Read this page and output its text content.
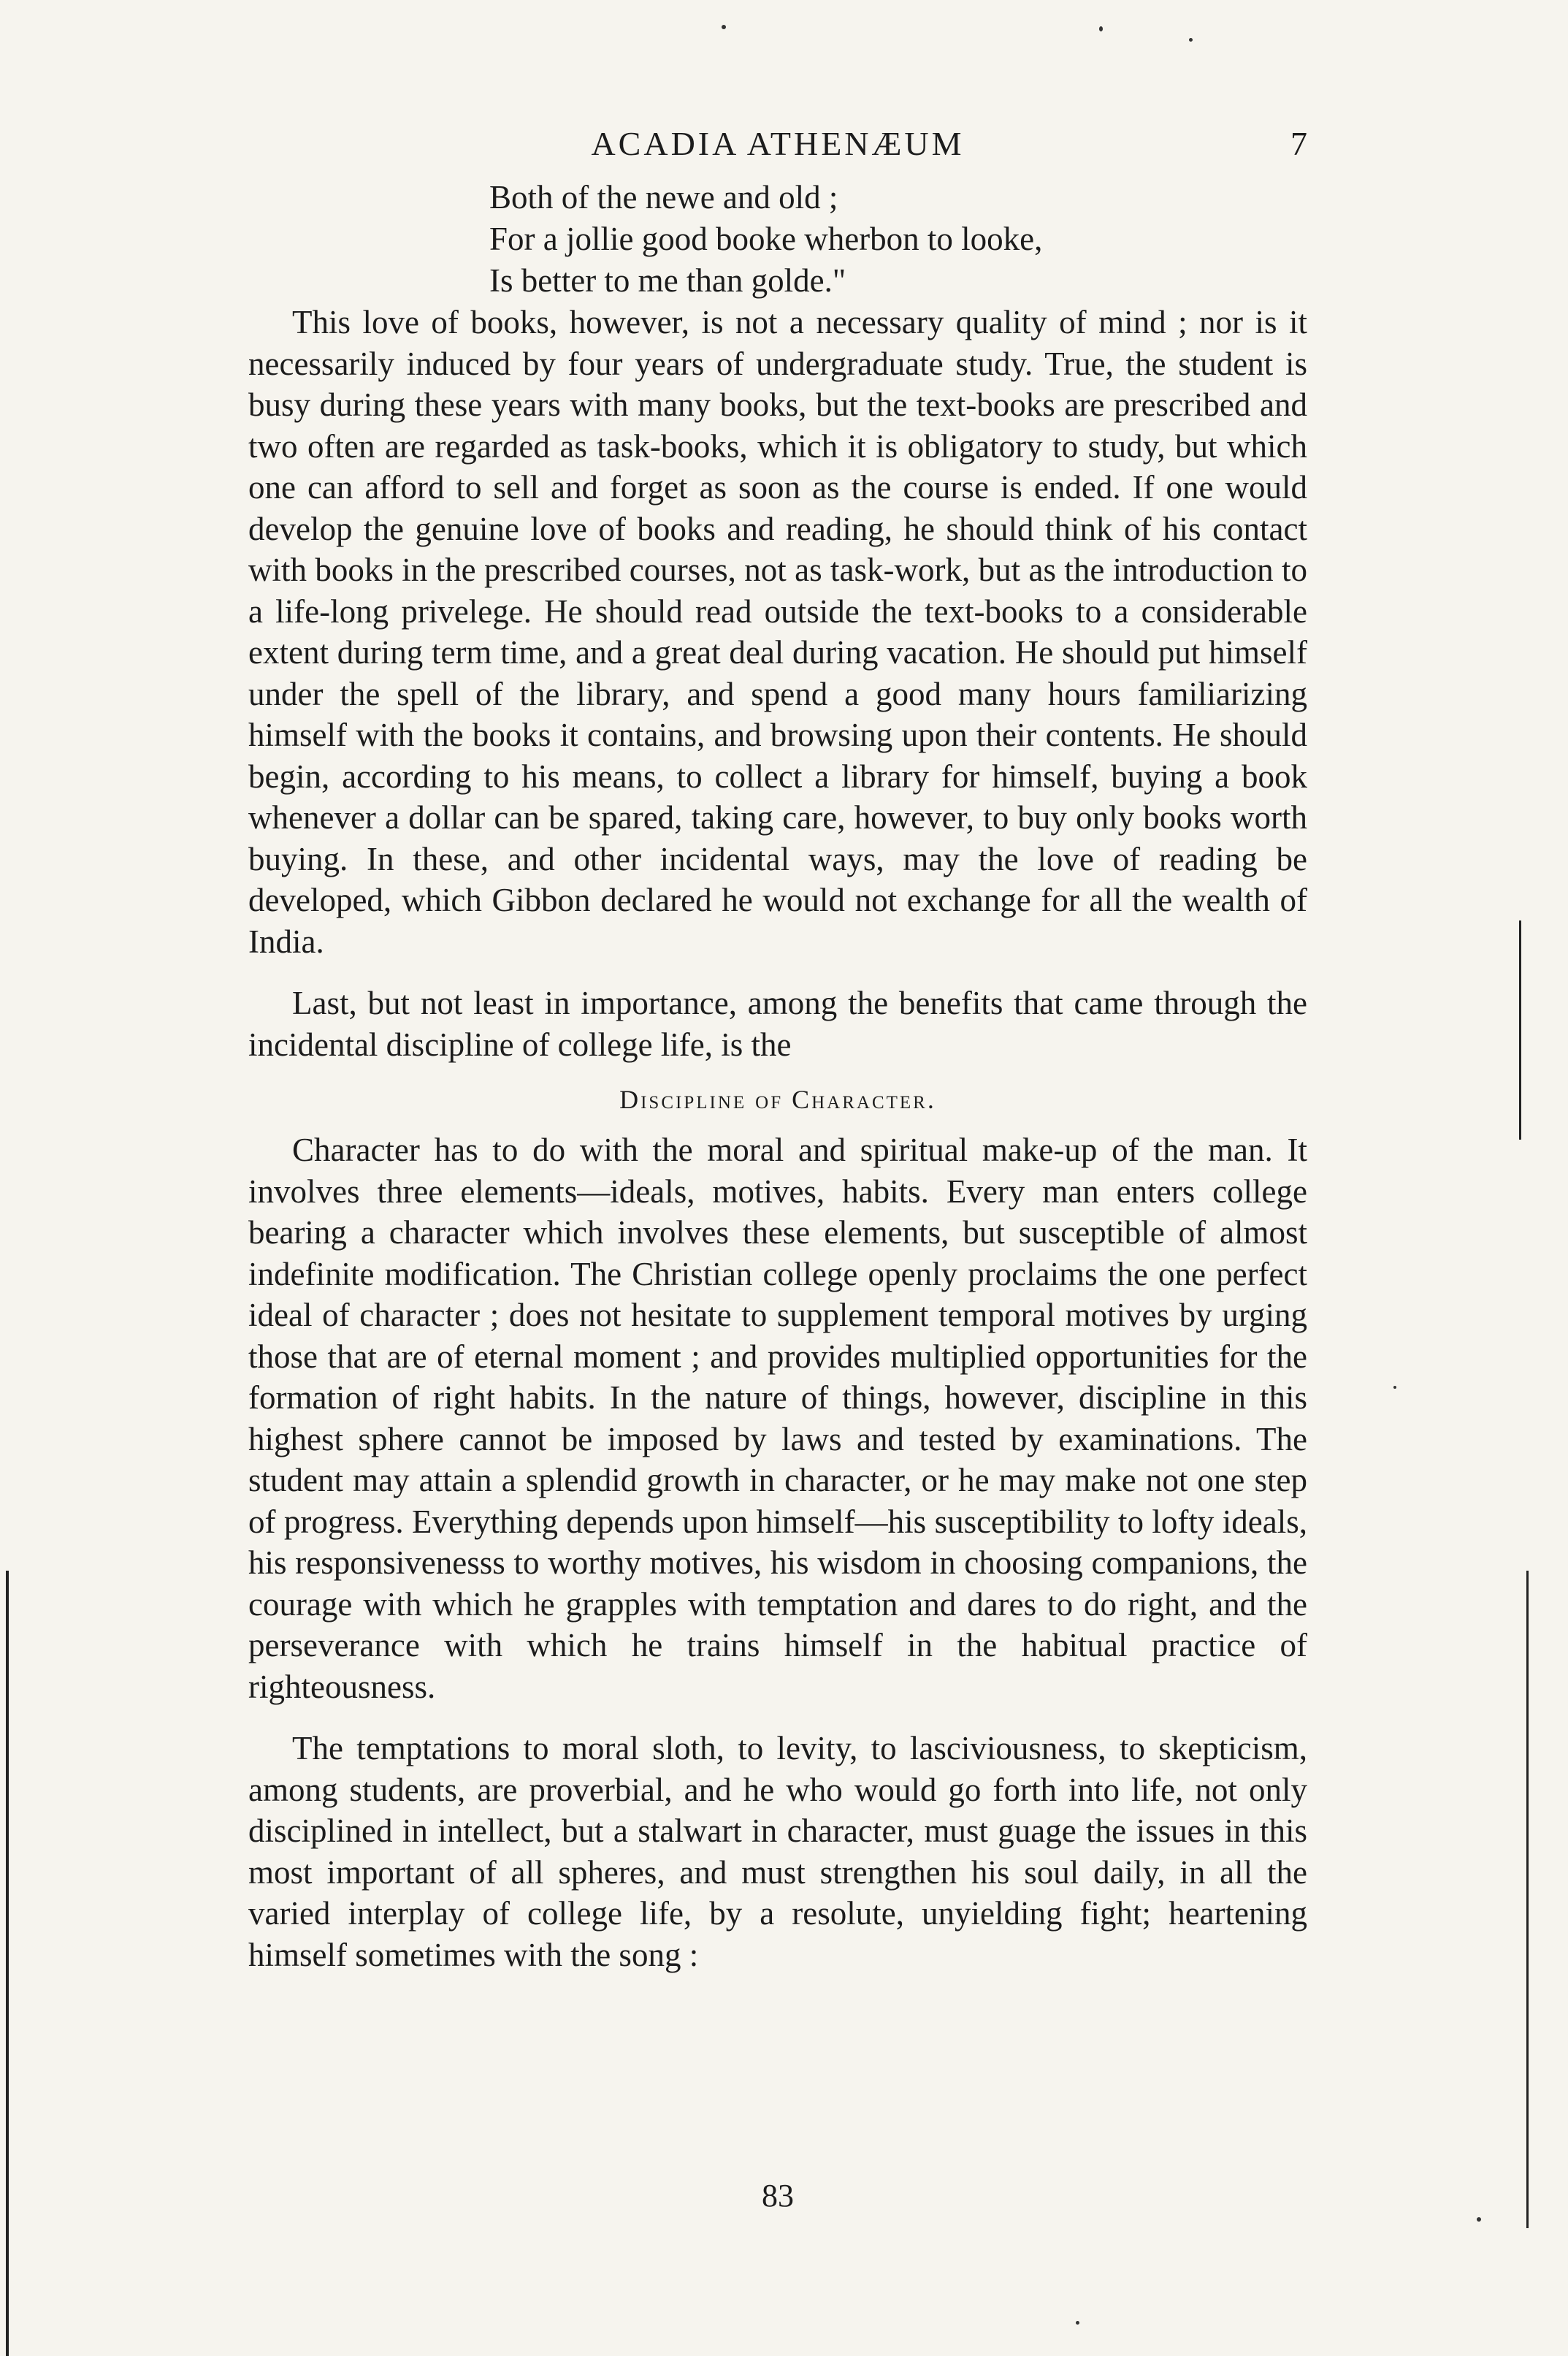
ACADIA ATHENÆUM	7
Both of the newe and old ;
For a jollie good booke wherbon to looke,
Is better to me than golde."

This love of books, however, is not a necessary quality of mind ; nor is it necessarily induced by four years of undergraduate study. True, the student is busy during these years with many books, but the text-books are prescribed and two often are regarded as task-books, which it is obligatory to study, but which one can afford to sell and forget as soon as the course is ended. If one would develop the genuine love of books and reading, he should think of his contact with books in the prescribed courses, not as task-work, but as the introduction to a life-long privelege. He should read outside the text-books to a considerable extent during term time, and a great deal during vacation. He should put himself under the spell of the library, and spend a good many hours familiarizing himself with the books it contains, and browsing upon their contents. He should begin, according to his means, to collect a library for himself, buying a book whenever a dollar can be spared, taking care, however, to buy only books worth buying. In these, and other incidental ways, may the love of reading be developed, which Gibbon declared he would not exchange for all the wealth of India.

Last, but not least in importance, among the benefits that came through the incidental discipline of college life, is the

Discipline of Character.

Character has to do with the moral and spiritual make-up of the man. It involves three elements—ideals, motives, habits. Every man enters college bearing a character which involves these elements, but susceptible of almost indefinite modification. The Christian college openly proclaims the one perfect ideal of character ; does not hesitate to supplement temporal motives by urging those that are of eternal moment ; and provides multiplied opportunities for the formation of right habits. In the nature of things, however, discipline in this highest sphere cannot be imposed by laws and tested by examinations. The student may attain a splendid growth in character, or he may make not one step of progress. Everything depends upon himself—his susceptibility to lofty ideals, his responsivenesss to worthy motives, his wisdom in choosing companions, the courage with which he grapples with temptation and dares to do right, and the perseverance with which he trains himself in the habitual practice of righteousness.

The temptations to moral sloth, to levity, to lasciviousness, to skepticism, among students, are proverbial, and he who would go forth into life, not only disciplined in intellect, but a stalwart in character, must guage the issues in this most important of all spheres, and must strengthen his soul daily, in all the varied interplay of college life, by a resolute, unyielding fight; heartening himself sometimes with the song :

83
